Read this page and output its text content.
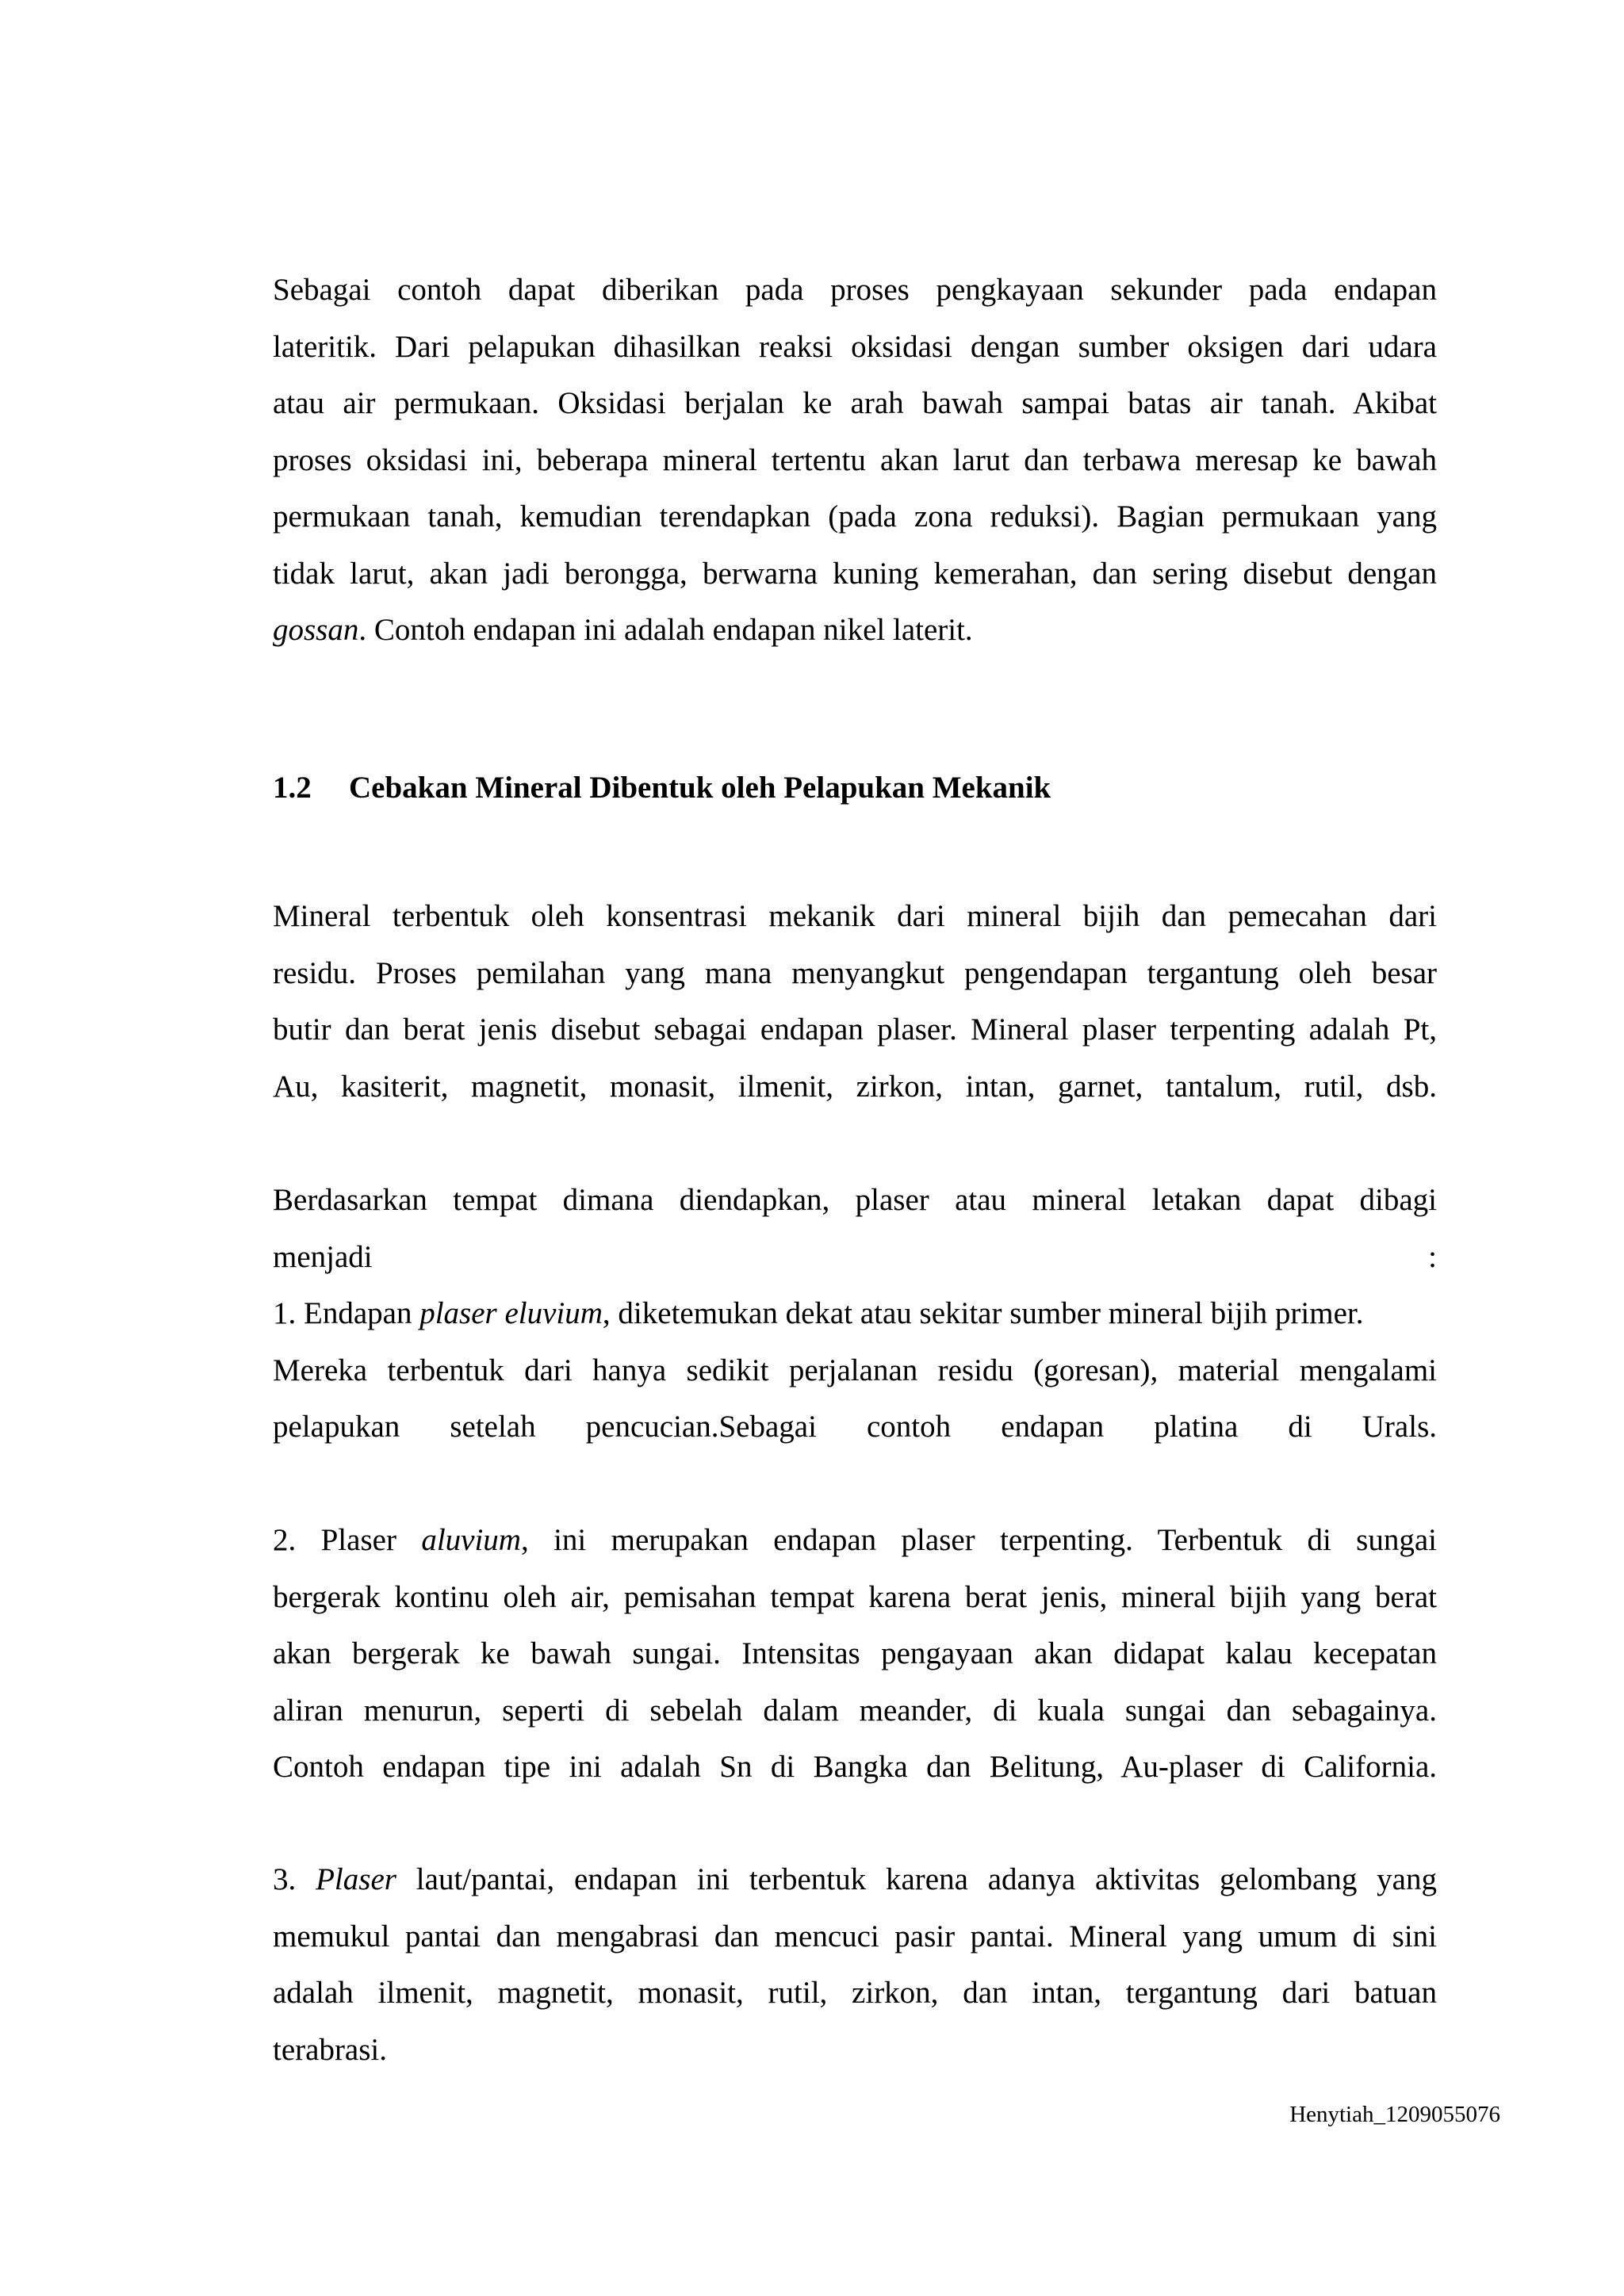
Sebagai contoh dapat diberikan pada proses pengkayaan sekunder pada endapan
lateritik. Dari pelapukan dihasilkan reaksi oksidasi dengan sumber oksigen dari udara
atau air permukaan. Oksidasi berjalan ke arah bawah sampai batas air tanah. Akibat
proses oksidasi ini, beberapa mineral tertentu akan larut dan terbawa meresap ke bawah
permukaan tanah, kemudian terendapkan (pada zona reduksi). Bagian permukaan yang
tidak larut, akan jadi berongga, berwarna kuning kemerahan, dan sering disebut dengan
gossan. Contoh endapan ini adalah endapan nikel laterit.
1.2 Cebakan Mineral Dibentuk oleh Pelapukan Mekanik
Mineral terbentuk oleh konsentrasi mekanik dari mineral bijih dan pemecahan dari
residu. Proses pemilahan yang mana menyangkut pengendapan tergantung oleh besar
butir dan berat jenis disebut sebagai endapan plaser. Mineral plaser terpenting adalah Pt,
Au, kasiterit, magnetit, monasit, ilmenit, zirkon, intan, garnet, tantalum, rutil, dsb.
Berdasarkan tempat dimana diendapkan, plaser atau mineral letakan dapat dibagi
menjadi	:
1. Endapan plaser eluvium, diketemukan dekat atau sekitar sumber mineral bijih primer.
Mereka terbentuk dari hanya sedikit perjalanan residu (goresan), material mengalami
pelapukan setelah pencucian.Sebagai contoh endapan platina di Urals.
2. Plaser aluvium, ini merupakan endapan plaser terpenting. Terbentuk di sungai
bergerak kontinu oleh air, pemisahan tempat karena berat jenis, mineral bijih yang berat
akan bergerak ke bawah sungai. Intensitas pengayaan akan didapat kalau kecepatan
aliran menurun, seperti di sebelah dalam meander, di kuala sungai dan sebagainya.
Contoh endapan tipe ini adalah Sn di Bangka dan Belitung, Au-plaser di California.
3. Plaser laut/pantai, endapan ini terbentuk karena adanya aktivitas gelombang yang
memukul pantai dan mengabrasi dan mencuci pasir pantai. Mineral yang umum di sini
adalah ilmenit, magnetit, monasit, rutil, zirkon, dan intan, tergantung dari batuan
terabrasi.
Henytiah_1209055076
